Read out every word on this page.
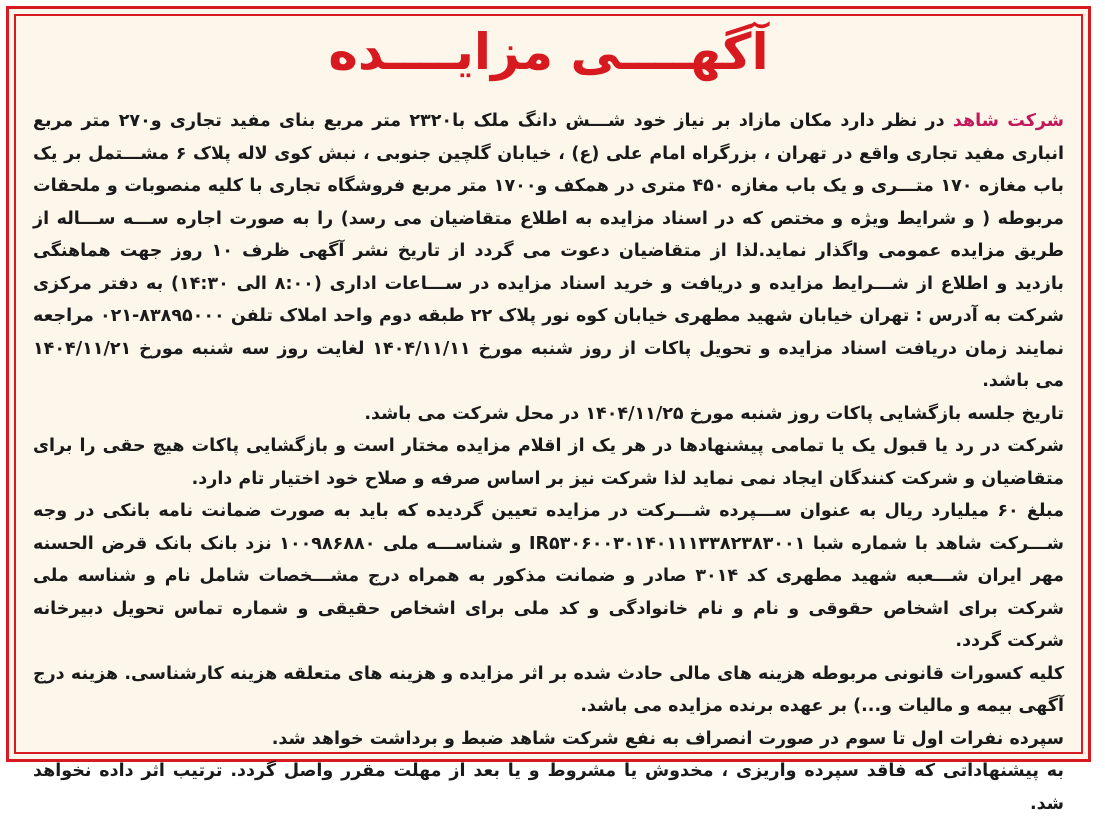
آگهــــی مزایــــده

شرکت شاهد در نظر دارد مکان مازاد بر نیاز خود شـــش دانگ ملک با۲۳۲۰ متر مربع بنای مفید تجاری و۲۷۰ متر مربع انباری مفید تجاری واقع در تهران ، بزرگراه امام علی (ع) ، خیابان گلچین جنوبی ، نبش کوی لاله پلاک ۶ مشـــتمل بر یک باب مغازه ۱۷۰ متـــری و یک باب مغازه ۴۵۰ متری در همکف و۱۷۰۰ متر مربع فروشگاه تجاری با کلیه منصوبات و ملحقات مربوطه ( و شرایط ویژه و مختص که در اسناد مزایده به اطلاع متقاضیان می رسد) را به صورت اجاره ســـه ســـاله از طریق مزایده عمومی واگذار نماید.لذا از متقاضیان دعوت می گردد از تاریخ نشر آگهی ظرف ۱۰ روز جهت هماهنگی بازدید و اطلاع از شـــرایط مزایده و دریافت و خرید اسناد مزایده در ســـاعات اداری (۸:۰۰ الی ۱۴:۳۰) به دفتر مرکزی شرکت به آدرس : تهران خیابان شهید مطهری خیابان کوه نور پلاک ۲۲ طبقه دوم واحد املاک تلفن ۸۳۸۹۵۰۰۰-۰۲۱ مراجعه نمایند زمان دریافت اسناد مزایده و تحویل پاکات از روز شنبه مورخ ۱۴۰۴/۱۱/۱۱ لغایت روز سه شنبه مورخ ۱۴۰۴/۱۱/۲۱ می باشد.

تاریخ جلسه بازگشایی پاکات روز شنبه مورخ ۱۴۰۴/۱۱/۲۵ در محل شرکت می باشد.

شرکت در رد یا قبول یک یا تمامی پیشنهادها در هر یک از اقلام مزایده مختار است و بازگشایی پاکات هیچ حقی را برای متقاضیان و شرکت کنندگان ایجاد نمی نماید لذا شرکت نیز بر اساس صرفه و صلاح خود اختیار تام دارد.

مبلغ ۶۰ میلیارد ریال به عنوان ســـپرده شـــرکت در مزایده تعیین گردیده که باید به صورت ضمانت نامه بانکی در وجه شـــرکت شاهد با شماره شبا IR۵۳۰۶۰۰۳۰۱۴۰۱۱۱۳۳۸۲۳۸۳۰۰۱ و شناســـه ملی ۱۰۰۹۸۶۸۸۰ نزد بانک بانک قرض الحسنه مهر ایران شـــعبه شهید مطهری کد ۳۰۱۴ صادر و ضمانت مذکور به همراه درج مشـــخصات شامل نام و شناسه ملی شرکت برای اشخاص حقوقی و نام و نام خانوادگی و کد ملی برای اشخاص حقیقی و شماره تماس تحویل دبیرخانه شرکت گردد.

کلیه کسورات قانونی مربوطه هزینه های مالی حادث شده بر اثر مزایده و هزینه های متعلقه هزینه کارشناسی. هزینه درج آگهی بیمه و مالیات و...) بر عهده برنده مزایده می باشد.

سپرده نفرات اول تا سوم در صورت انصراف به نفع شرکت شاهد ضبط و برداشت خواهد شد.

به پیشنهاداتی که فاقد سپرده واریزی ، مخدوش یا مشروط و یا بعد از مهلت مقرر واصل گردد. ترتیب اثر داده نخواهد شد.
